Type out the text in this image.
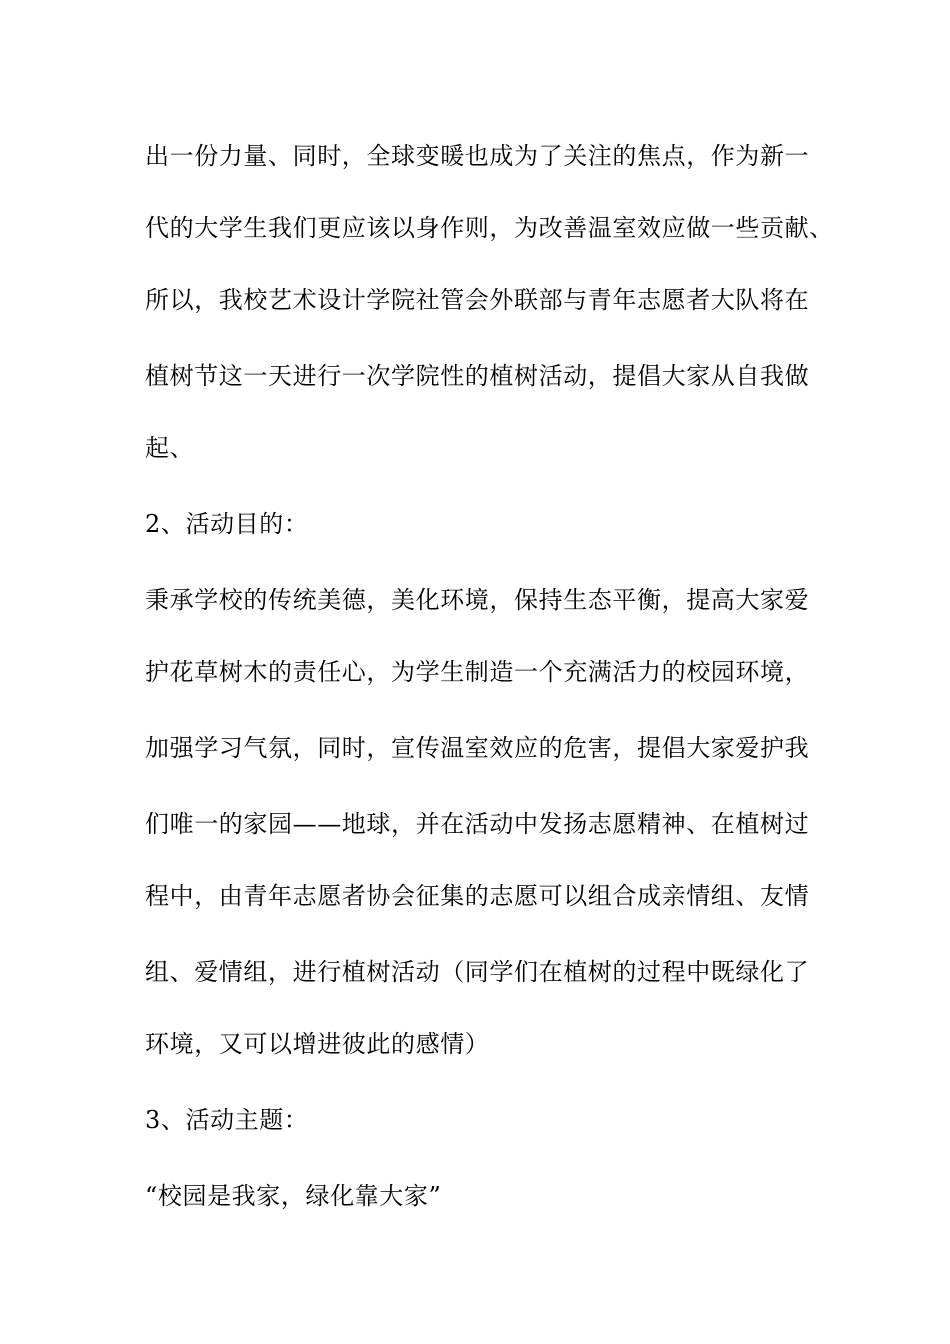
出一份力量、同时，全球变暖也成为了关注的焦点，作为新一
代的大学生我们更应该以身作则，为改善温室效应做一些贡献、
所以，我校艺术设计学院社管会外联部与青年志愿者大队将在
植树节这一天进行一次学院性的植树活动，提倡大家从自我做
起、
2、活动目的：
秉承学校的传统美德，美化环境，保持生态平衡，提高大家爱
护花草树木的责任心，为学生制造一个充满活力的校园环境，
加强学习气氛，同时，宣传温室效应的危害，提倡大家爱护我
们唯一的家园——地球，并在活动中发扬志愿精神、在植树过
程中，由青年志愿者协会征集的志愿可以组合成亲情组、友情
组、爱情组，进行植树活动（同学们在植树的过程中既绿化了
环境，又可以增进彼此的感情）
3、活动主题：
“校园是我家，绿化靠大家”
